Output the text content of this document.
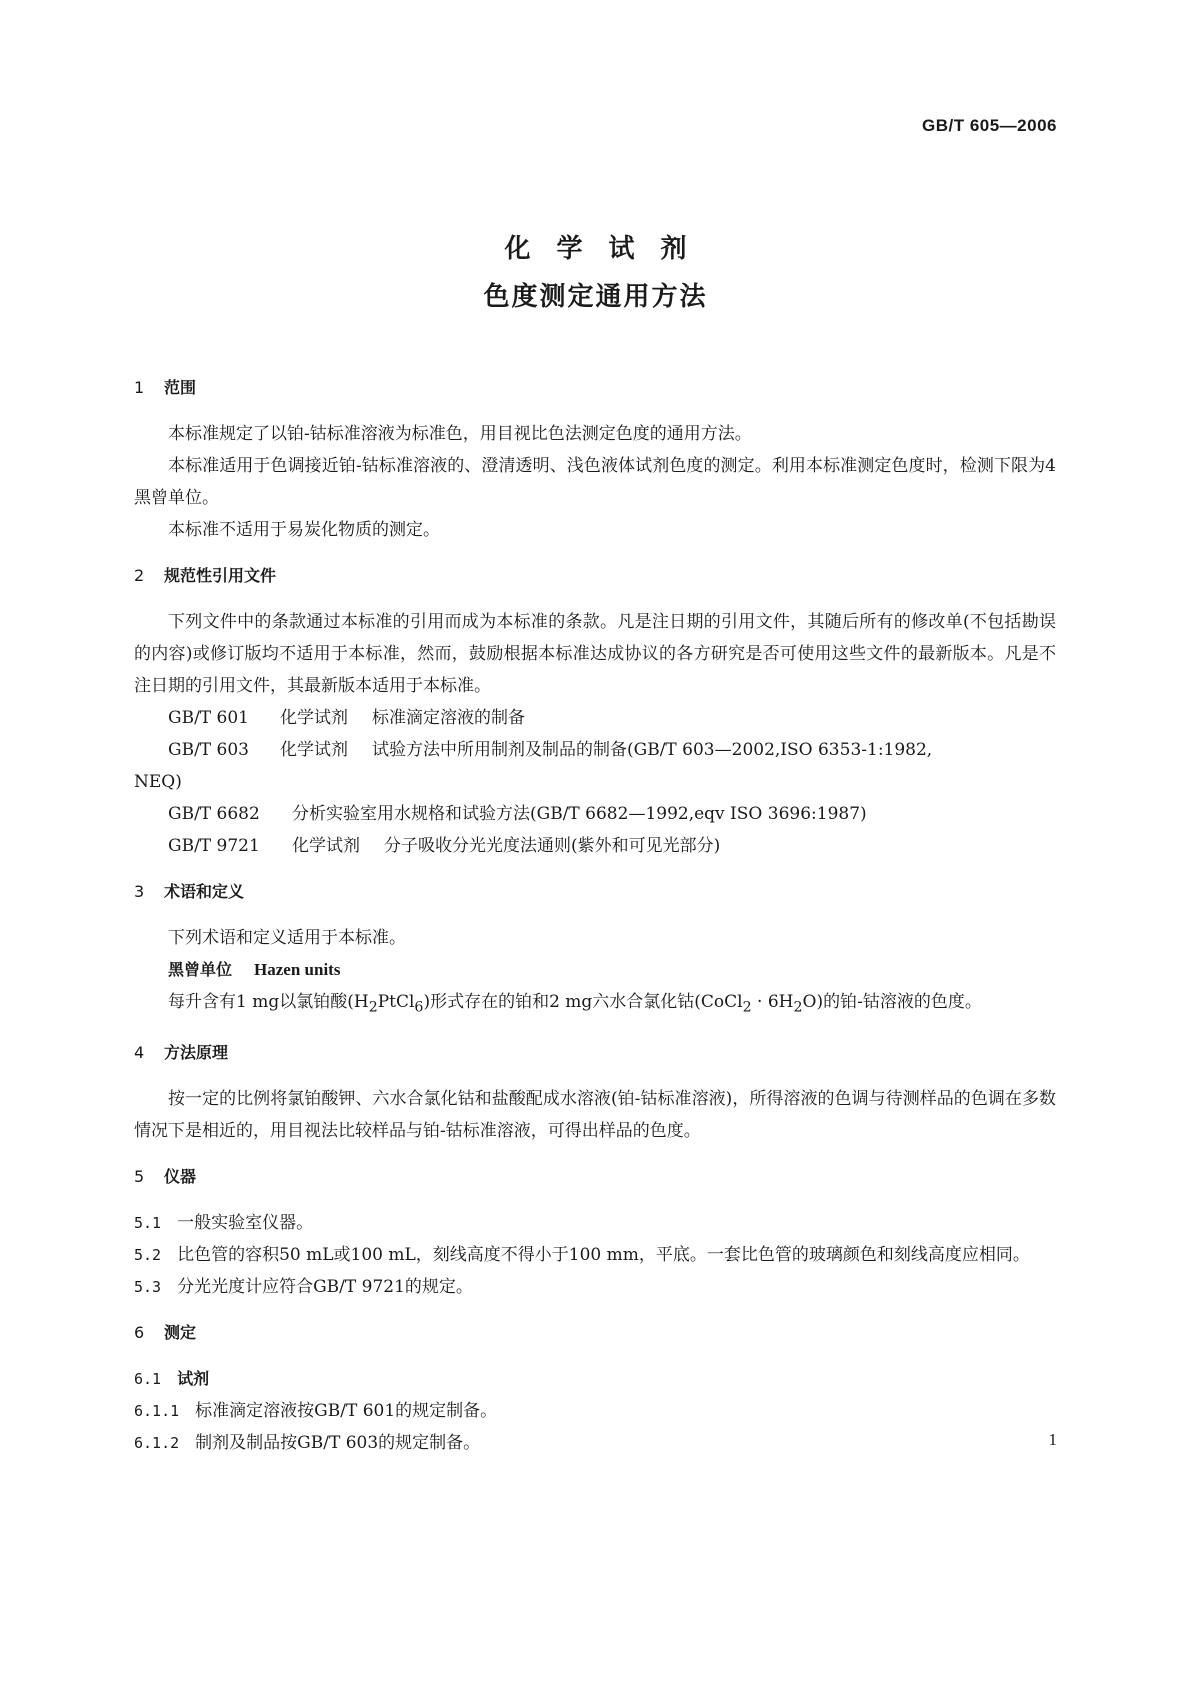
GB/T 605—2006
化学试剂
色度测定通用方法
1 范围

本标准规定了以铂-钴标准溶液为标准色，用目视比色法测定色度的通用方法。

本标准适用于色调接近铂-钴标准溶液的、澄清透明、浅色液体试剂色度的测定。利用本标准测定色度时，检测下限为4黑曾单位。

本标准不适用于易炭化物质的测定。

2 规范性引用文件

下列文件中的条款通过本标准的引用而成为本标准的条款。凡是注日期的引用文件，其随后所有的修改单(不包括勘误的内容)或修订版均不适用于本标准，然而，鼓励根据本标准达成协议的各方研究是否可使用这些文件的最新版本。凡是不注日期的引用文件，其最新版本适用于本标准。

GB/T 601 化学试剂 标准滴定溶液的制备

GB/T 603 化学试剂 试验方法中所用制剂及制品的制备(GB/T 603—2002,ISO 6353-1:1982,
NEQ)

GB/T 6682 分析实验室用水规格和试验方法(GB/T 6682—1992,eqv ISO 3696:1987)

GB/T 9721 化学试剂 分子吸收分光光度法通则(紫外和可见光部分)

3 术语和定义

下列术语和定义适用于本标准。

黑曾单位 Hazen units

每升含有1 mg以氯铂酸$(H_2PtCl_6)$形式存在的铂和2 mg六水合氯化钴(CoCl$_2$ · $6H_2O$)的铂-钴溶液的色度。

4 方法原理

按一定的比例将氯铂酸钾、六水合氯化钴和盐酸配成水溶液(铂-钴标准溶液)，所得溶液的色调与待测样品的色调在多数情况下是相近的，用目视法比较样品与铂-钴标准溶液，可得出样品的色度。

5 仪器

5.1 一般实验室仪器。

5.2 比色管的容积50 mL或100 mL，刻线高度不得小于100 mm，平底。一套比色管的玻璃颜色和刻线高度应相同。

5.3 分光光度计应符合GB/T 9721的规定。

6 测定

6.1 试剂

6.1.1 标准滴定溶液按GB/T 601的规定制备。

6.1.2 制剂及制品按GB/T 603的规定制备。	1
